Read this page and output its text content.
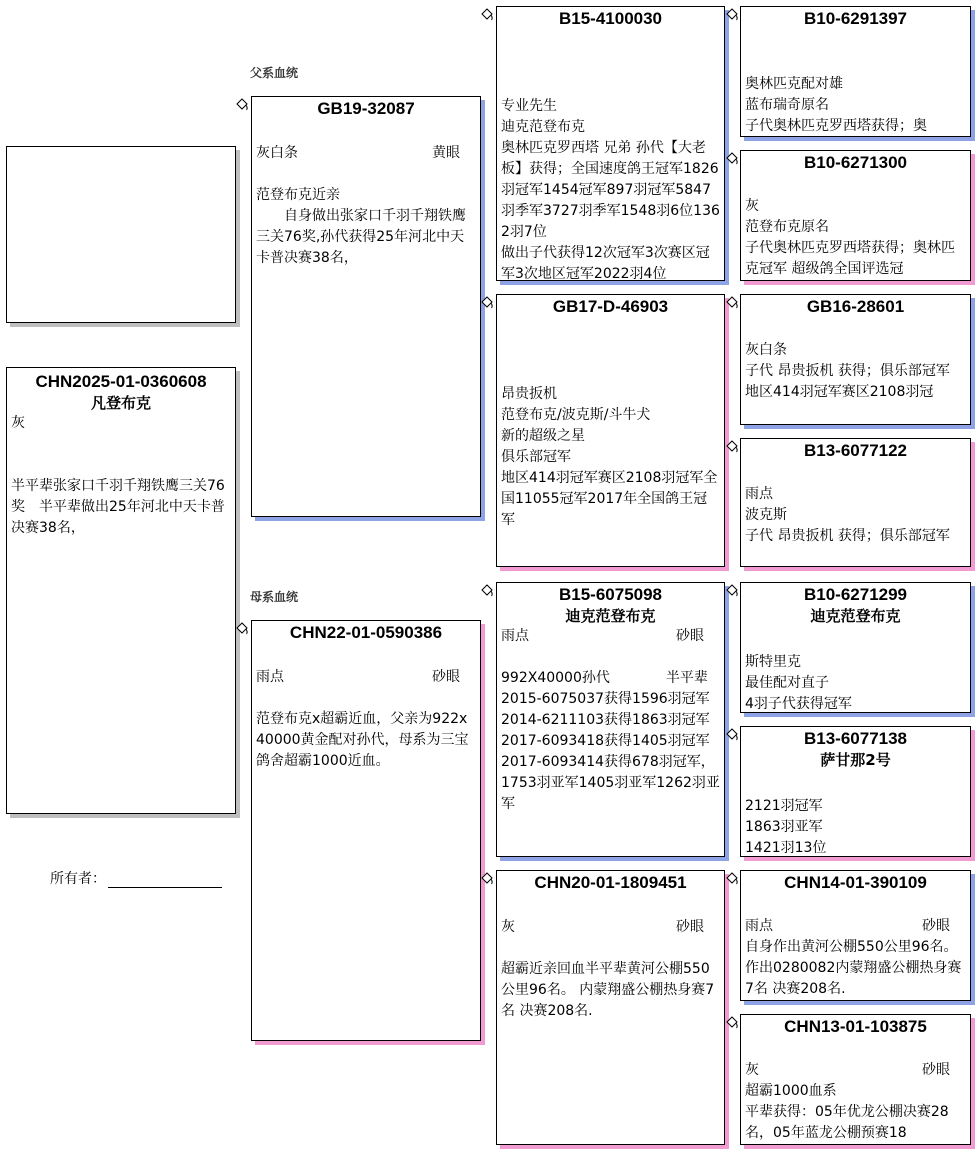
父系血统
母系血统
CHN2025-01-0360608
凡登布克
灰
半平辈张家口千羽千翔铁鹰三关76奖　半平辈做出25年河北中天卡普决赛38名，
所有者：
GB19-32087
灰白条	黄眼
范登布克近亲
　　自身做出张家口千羽千翔铁鹰三关76奖,孙代获得25年河北中天卡普决赛38名，
CHN22-01-0590386
雨点	砂眼
范登布克x超霸近血，父亲为922x40000黄金配对孙代，母系为三宝鸽舍超霸1000近血。
B15-4100030
专业先生
迪克范登布克
奥林匹克罗西塔 兄弟 孙代【大老板】获得；全国速度鸽王冠军1826羽冠军1454冠军897羽冠军5847羽季军3727羽季军1548羽6位1362羽7位
做出子代获得12次冠军3次赛区冠军3次地区冠军2022羽4位
GB17-D-46903
昂贵扳机
范登布克/波克斯/斗牛犬
新的超级之星
俱乐部冠军
地区414羽冠军赛区2108羽冠军全国11055冠军2017年全国鸽王冠军
B15-6075098
迪克范登布克
雨点	砂眼
992X40000孙代　　　　半平辈　　2015-6075037获得1596羽冠军
2014-6211103获得1863羽冠军
2017-6093418获得1405羽冠军
2017-6093414获得678羽冠军，1753羽亚军1405羽亚军1262羽亚军
CHN20-01-1809451
灰	砂眼
超霸近亲回血半平辈黄河公棚550公里96名。 内蒙翔盛公棚热身赛7名 决赛208名.
B10-6291397
奥林匹克配对雄
蓝布瑞奇原名
子代奥林匹克罗西塔获得；奥
B10-6271300
灰
范登布克原名
子代奥林匹克罗西塔获得；奥林匹克冠军 超级鸽全国评选冠
GB16-28601
灰白条
子代 昂贵扳机 获得；俱乐部冠军
地区414羽冠军赛区2108羽冠
B13-6077122
雨点
波克斯
子代 昂贵扳机 获得；俱乐部冠军
B10-6271299
迪克范登布克
斯特里克
最佳配对直子
4羽子代获得冠军
B13-6077138
萨甘那2号
2121羽冠军
1863羽亚军
1421羽13位
CHN14-01-390109
雨点	砂眼
自身作出黄河公棚550公里96名。 作出0280082内蒙翔盛公棚热身赛7名 决赛208名.
CHN13-01-103875
灰	砂眼
超霸1000血系
平辈获得：05年优龙公棚决赛28名，05年蓝龙公棚预赛18
